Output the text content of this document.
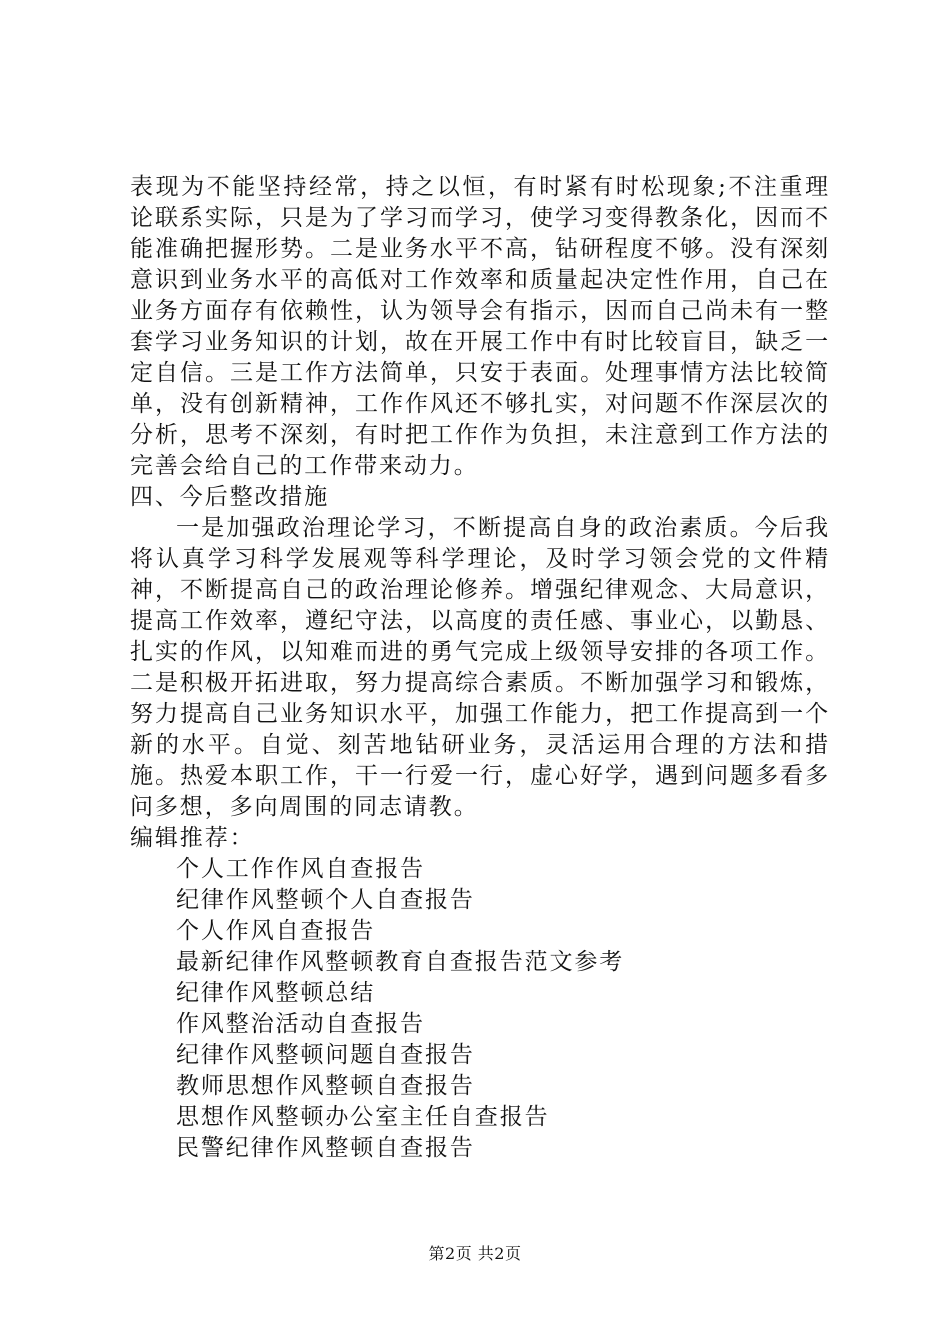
表现为不能坚持经常，持之以恒，有时紧有时松现象;不注重理论联系实际，只是为了学习而学习，使学习变得教条化，因而不能准确把握形势。二是业务水平不高，钻研程度不够。没有深刻意识到业务水平的高低对工作效率和质量起决定性作用，自己在业务方面存有依赖性，认为领导会有指示，因而自己尚未有一整套学习业务知识的计划，故在开展工作中有时比较盲目，缺乏一定自信。三是工作方法简单，只安于表面。处理事情方法比较简单，没有创新精神，工作作风还不够扎实，对问题不作深层次的分析，思考不深刻，有时把工作作为负担，未注意到工作方法的完善会给自己的工作带来动力。

四、今后整改措施

一是加强政治理论学习，不断提高自身的政治素质。今后我将认真学习科学发展观等科学理论，及时学习领会党的文件精神，不断提高自己的政治理论修养。增强纪律观念、大局意识，提高工作效率，遵纪守法，以高度的责任感、事业心，以勤恳、扎实的作风，以知难而进的勇气完成上级领导安排的各项工作。二是积极开拓进取，努力提高综合素质。不断加强学习和锻炼，努力提高自己业务知识水平，加强工作能力，把工作提高到一个新的水平。自觉、刻苦地钻研业务，灵活运用合理的方法和措施。热爱本职工作，干一行爱一行，虚心好学，遇到问题多看多问多想，多向周围的同志请教。

编辑推荐：

个人工作作风自查报告
纪律作风整顿个人自查报告
个人作风自查报告
最新纪律作风整顿教育自查报告范文参考
纪律作风整顿总结
作风整治活动自查报告
纪律作风整顿问题自查报告
教师思想作风整顿自查报告
思想作风整顿办公室主任自查报告
民警纪律作风整顿自查报告
第2页 共2页
